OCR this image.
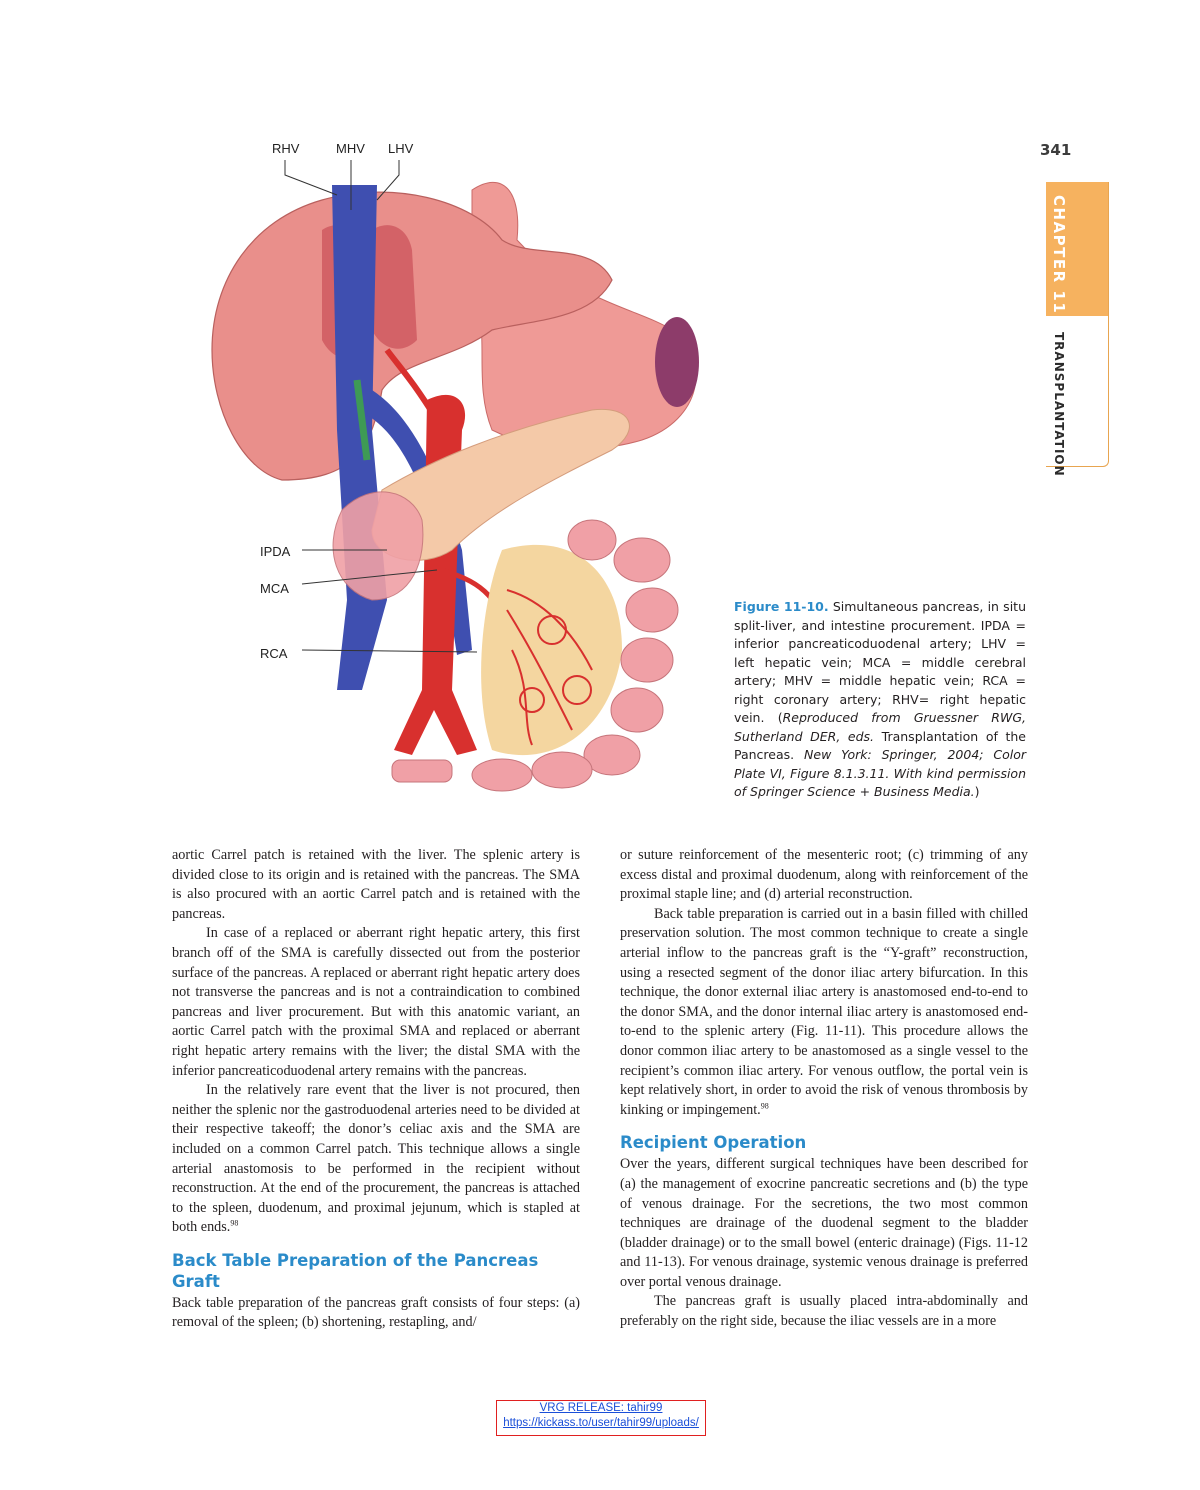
341
CHAPTER 11 TRANSPLANTATION
RHV	MHV LHV
IPDA
MCA
RCA
Figure 11-10. Simultaneous pancreas, in situ split-liver, and intestine procurement. IPDA = inferior pancreaticoduodenal artery; LHV = left hepatic vein; MCA = middle cerebral artery; MHV = middle hepatic vein; RCA = right coronary artery; RHV= right hepatic vein. (Reproduced from Gruessner RWG, Sutherland DER, eds. Transplantation of the Pancreas. New York: Springer, 2004; Color Plate VI, Figure 8.1.3.11. With kind permission of Springer Science + Business Media.)

aortic Carrel patch is retained with the liver. The splenic artery is divided close to its origin and is retained with the pancreas. The SMA is also procured with an aortic Carrel patch and is retained with the pancreas.

In case of a replaced or aberrant right hepatic artery, this first branch off of the SMA is carefully dissected out from the posterior surface of the pancreas. A replaced or aberrant right hepatic artery does not transverse the pancreas and is not a contraindication to combined pancreas and liver procurement. But with this anatomic variant, an aortic Carrel patch with the proximal SMA and replaced or aberrant right hepatic artery remains with the liver; the distal SMA with the inferior pancreaticoduodenal artery remains with the pancreas.

In the relatively rare event that the liver is not procured, then neither the splenic nor the gastroduodenal arteries need to be divided at their respective takeoff; the donor’s celiac axis and the SMA are included on a common Carrel patch. This technique allows a single arterial anastomosis to be performed in the recipient without reconstruction. At the end of the procurement, the pancreas is attached to the spleen, duodenum, and proximal jejunum, which is stapled at both ends.$^{98}$

Back Table Preparation of the Pancreas Graft

Back table preparation of the pancreas graft consists of four steps: (a) removal of the spleen; (b) shortening, restapling, and/

or suture reinforcement of the mesenteric root; (c) trimming of any excess distal and proximal duodenum, along with reinforcement of the proximal staple line; and (d) arterial reconstruction.

Back table preparation is carried out in a basin filled with chilled preservation solution. The most common technique to create a single arterial inflow to the pancreas graft is the “Y-graft” reconstruction, using a resected segment of the donor iliac artery bifurcation. In this technique, the donor external iliac artery is anastomosed end-to-end to the donor SMA, and the donor internal iliac artery is anastomosed end-to-end to the splenic artery (Fig. 11-11). This procedure allows the donor common iliac artery to be anastomosed as a single vessel to the recipient’s common iliac artery. For venous outflow, the portal vein is kept relatively short, in order to avoid the risk of venous thrombosis by kinking or impingement.$^{98}$

Recipient Operation

Over the years, different surgical techniques have been described for (a) the management of exocrine pancreatic secretions and (b) the type of venous drainage. For the secretions, the two most common techniques are drainage of the duodenal segment to the bladder (bladder drainage) or to the small bowel (enteric drainage) (Figs. 11-12 and 11-13). For venous drainage, systemic venous drainage is preferred over portal venous drainage.

The pancreas graft is usually placed intra-abdominally and preferably on the right side, because the iliac vessels are in a more

VRG RELEASE: tahir99
https://kickass.to/user/tahir99/uploads/
